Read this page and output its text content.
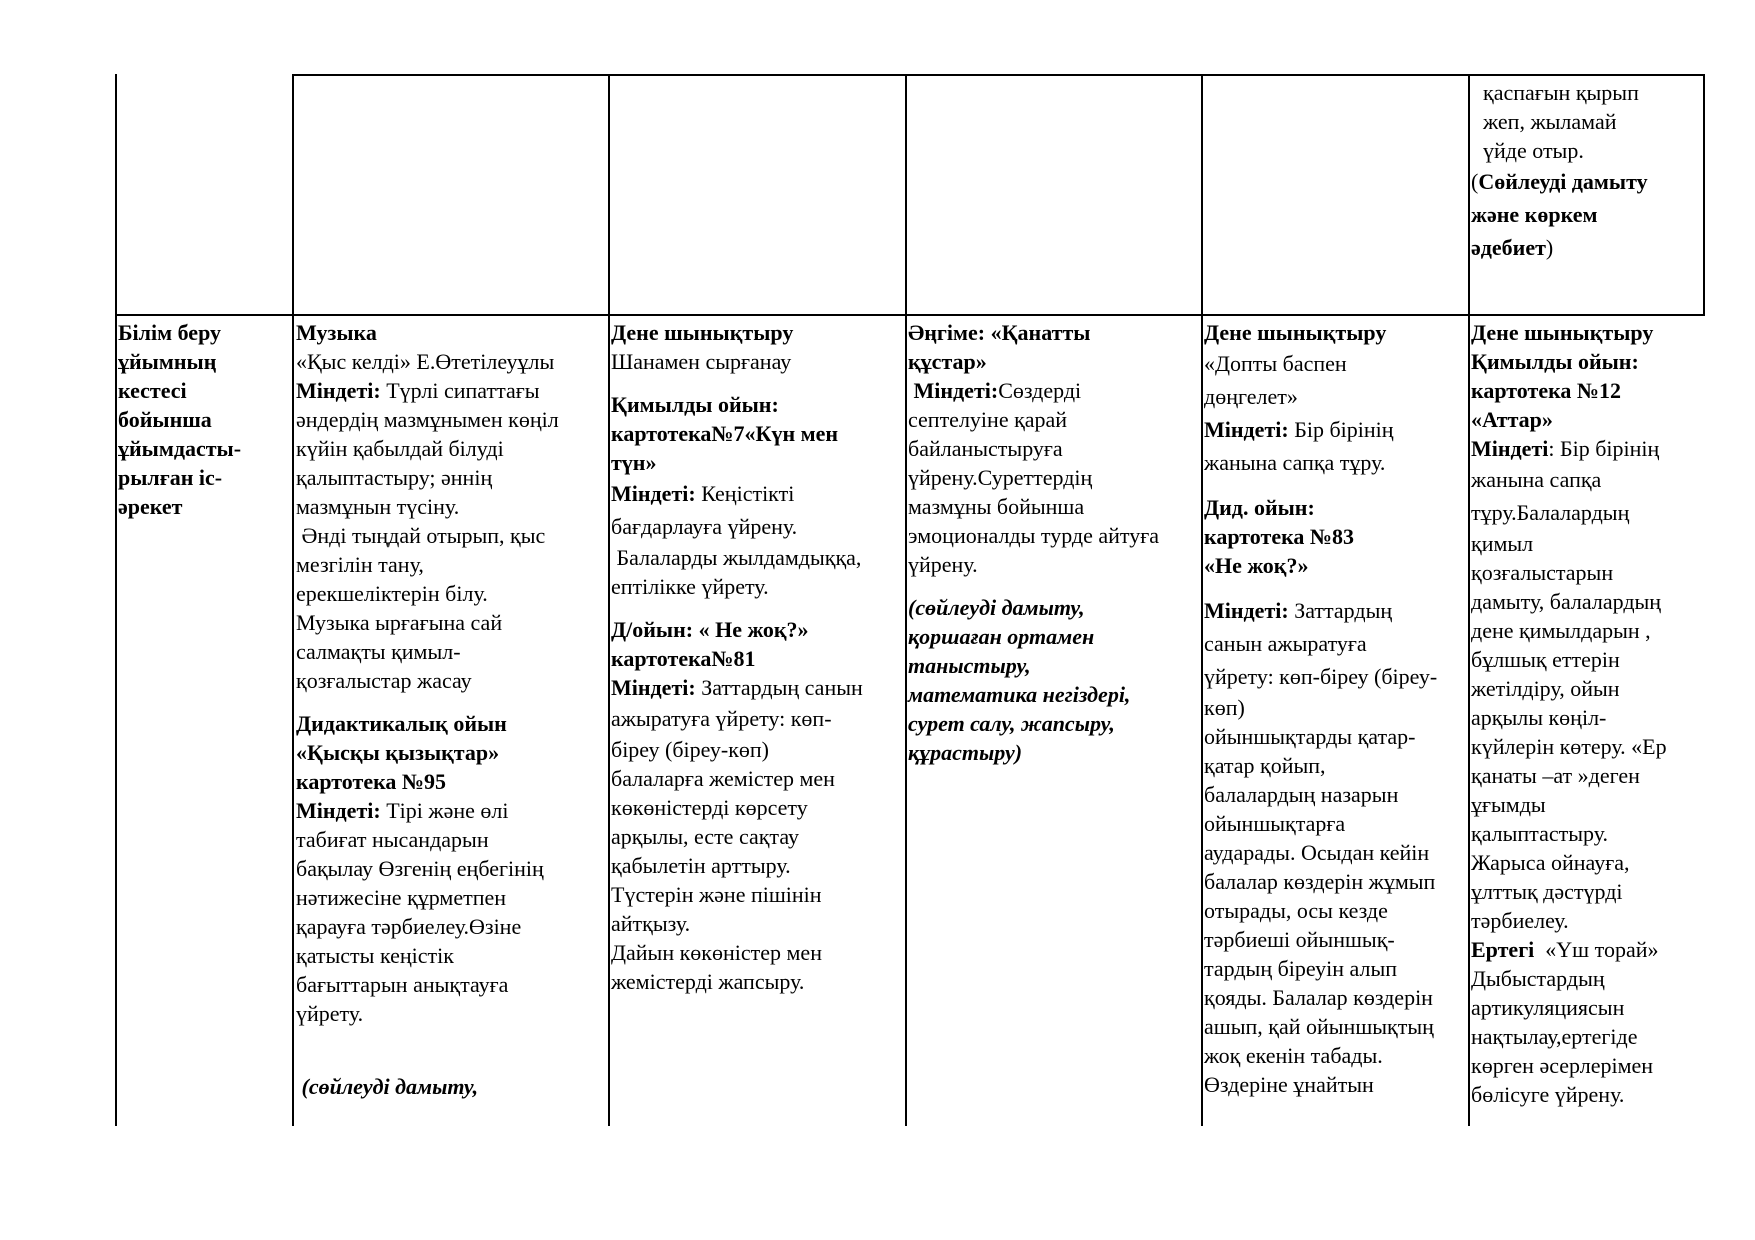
қаспағын қырып
жеп, жыламай
үйде отыр.
(Сөйлеуді дамыту
және көркем
әдебиет)
Білім беру
ұйымның
кестесі
бойынша
ұйымдасты-
рылған іс-
әрекет
Музыка
«Қыс келді» Е.Өтетілеуұлы
Міндеті: Түрлі сипаттағы
әндердің мазмұнымен көңіл
күйін қабылдай білуді
қалыптастыру; әннің
мазмұнын түсіну.
Әнді тыңдай отырып, қыс
мезгілін тану,
ерекшеліктерін білу.
Музыка ырғағына сай
салмақты қимыл-
қозғалыстар жасау
Дидактикалық ойын
«Қысқы қызықтар»
картотека №95
Міндеті: Тірі және өлі
табиғат нысандарын
бақылау Өзгенің еңбегінің
нәтижесіне құрметпен
қарауға тәрбиелеу.Өзіне
қатысты кеңістік
бағыттарын анықтауға
үйрету.
(сөйлеуді дамыту,
Дене шынықтыру
Шанамен сырғанау
Қимылды ойын:
картотека№7«Күн мен
түн»
Міндеті: Кеңістікті
бағдарлауға үйрену.
Балаларды жылдамдыққа,
ептілікке үйрету.
Д/ойын: « Не жоқ?»
картотека№81
Міндеті: Заттардың санын
ажыратуға үйрету: көп-
біреу (біреу-көп)
балаларға жемістер мен
көкөністерді көрсету
арқылы, есте сақтау
қабылетін арттыру.
Түстерін және пішінін
айтқызу.
Дайын көкөністер мен
жемістерді жапсыру.
Әңгіме: «Қанатты
құстар»
Міндеті:Сөздерді
септелуіне қарай
байланыстыруға
үйрену.Суреттердің
мазмұны бойынша
эмоционалды турде айтуға
үйрену.
(сөйлеуді дамыту,
қоршаған ортамен
таныстыру,
математика негіздері,
сурет салу, жапсыру,
құрастыру)
Дене шынықтыру
«Допты баспен
дөңгелет»
Міндеті: Бір бірінің
жанына сапқа тұру.
Дид. ойын:
картотека №83
«Не жоқ?»
Міндеті: Заттардың
санын ажыратуға
үйрету: көп-біреу (біреу-
көп)
ойыншықтарды қатар-
қатар қойып,
балалардың назарын
ойыншықтарға
аударады. Осыдан кейін
балалар көздерін жұмып
отырады, осы кезде
тәрбиеші ойыншық-
тардың біреуін алып
қояды. Балалар көздерін
ашып, қай ойыншықтың
жоқ екенін табады.
Өздеріне ұнайтын
Дене шынықтыру
Қимылды ойын:
картотека №12
«Аттар»
Міндеті: Бір бірінің
жанына сапқа
тұру.Балалардың
қимыл
қозғалыстарын
дамыту, балалардың
дене қимылдарын ,
бұлшық еттерін
жетілдіру, ойын
арқылы көңіл-
күйлерін көтеру. «Ер
қанаты –ат »деген
ұғымды
қалыптастыру.
Жарыса ойнауға,
ұлттық дәстүрді
тәрбиелеу.
Ертегі  «Үш торай»
Дыбыстардың
артикуляциясын
нақтылау,ертегіде
көрген әсерлерімен
бөлісуге үйрену.
